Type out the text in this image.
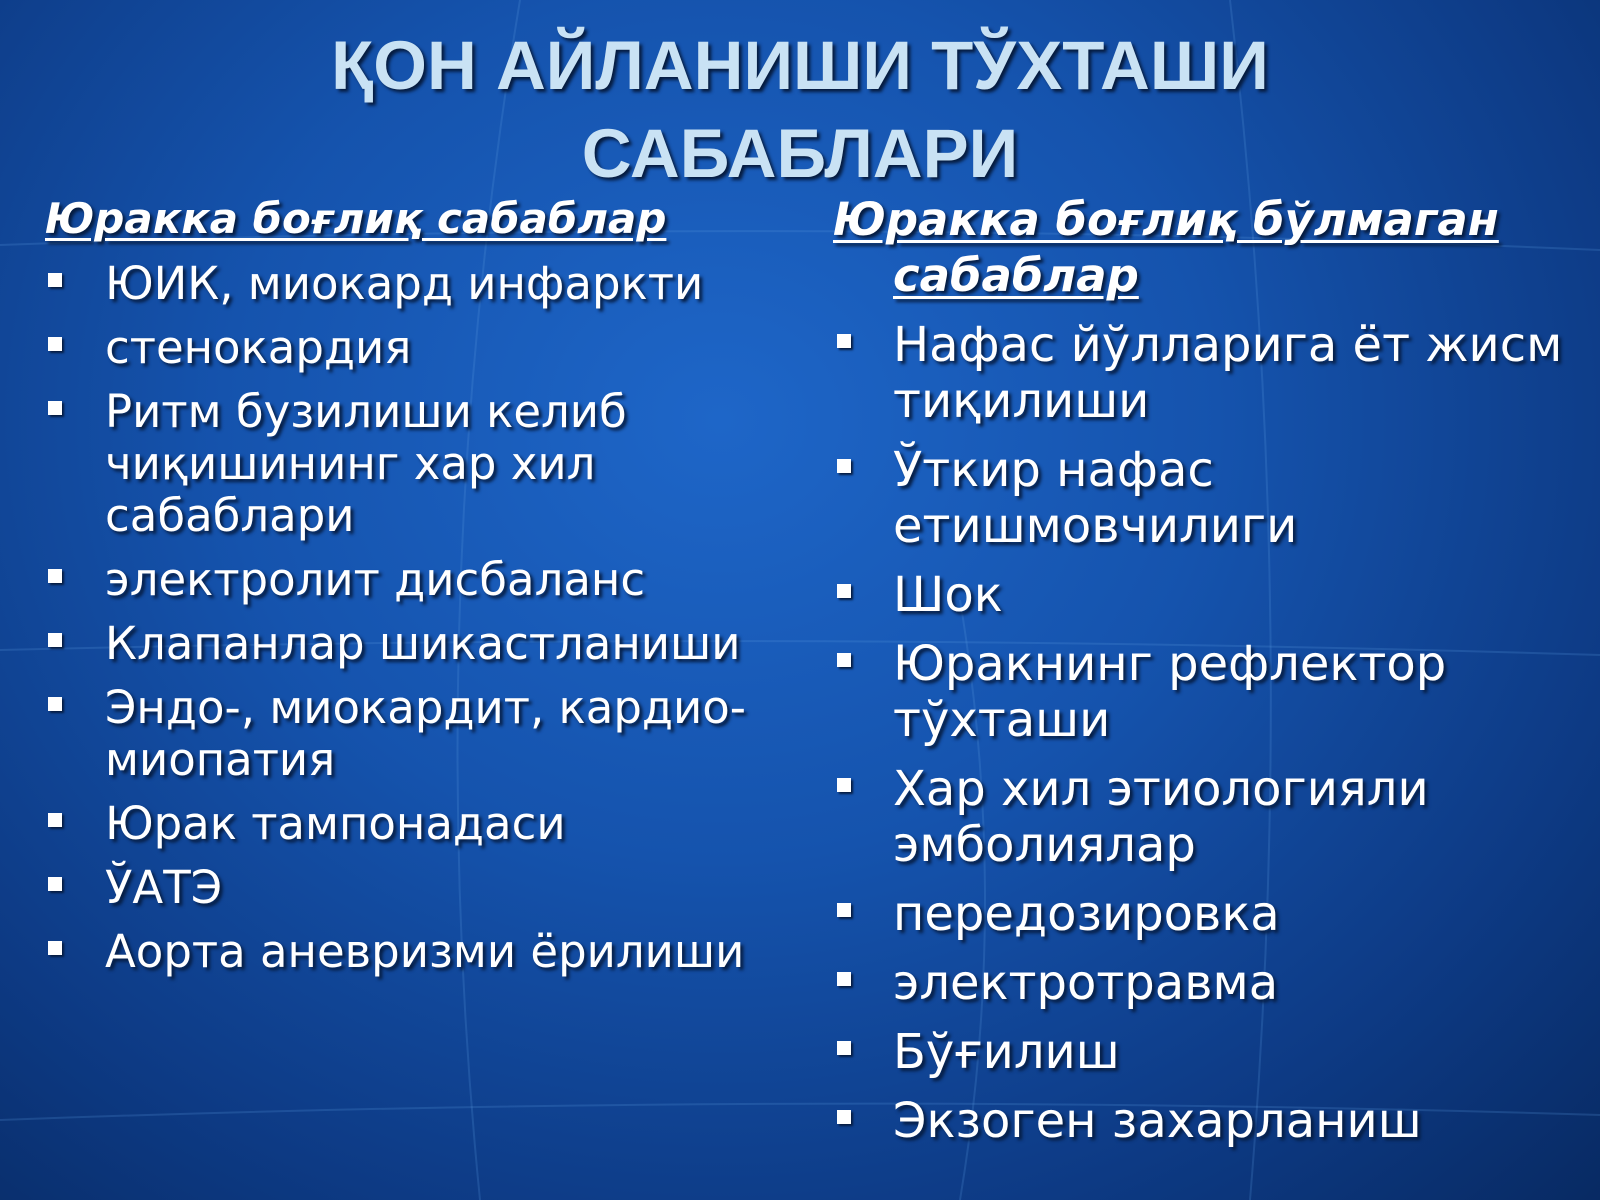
ҚОН АЙЛАНИШИ ТЎХТАШИ
САБАБЛАРИ
Юракка боғлиқ сабаблар
ЮИК, миокард инфаркти
стенокардия
Ритм бузилиши келиб чиқишининг хар хил сабаблари
электролит дисбаланс
Клапанлар шикастланиши
Эндо-, миокардит, кардио-миопатия
Юрак тампонадаси
ЎАТЭ
Аорта аневризми ёрилиши
Юракка боғлиқ бўлмаган сабаблар
Нафас йўлларига ёт жисм тиқилиши
Ўткир нафас етишмовчилиги
Шок
Юракнинг рефлектор тўхташи
Хар хил этиологияли эмболиялар
передозировка
электротравма
Бўғилиш
Экзоген захарланиш
